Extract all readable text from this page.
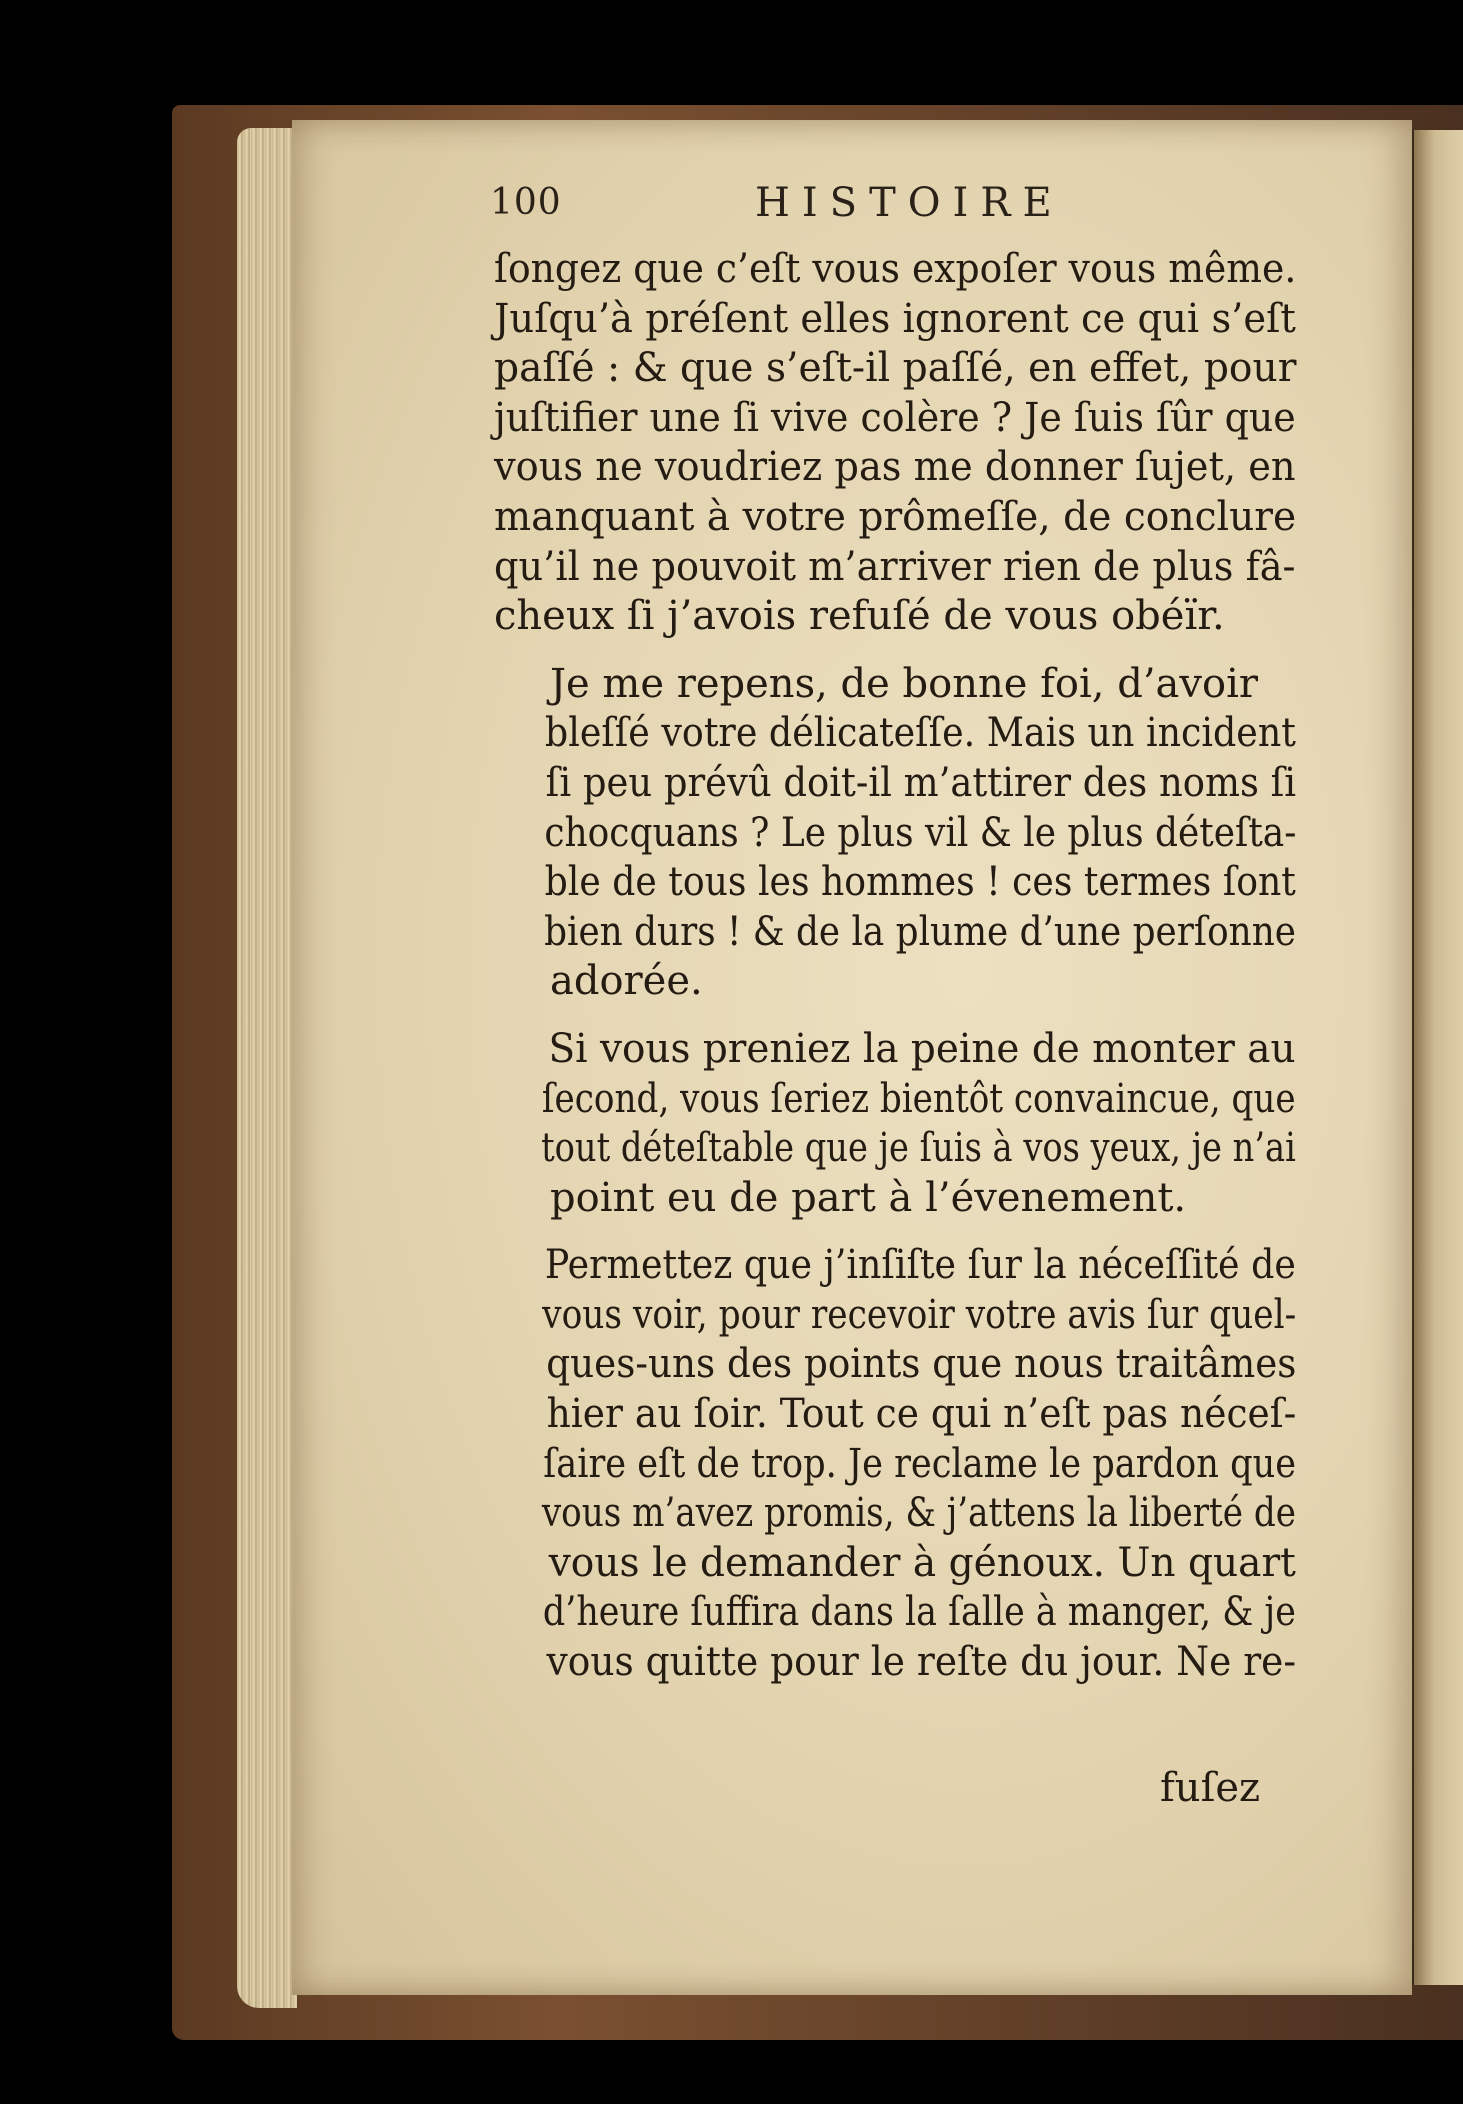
100	HISTOIRE
ſongez que c’eſt vous expoſer vous même.
Juſqu’à préſent elles ignorent ce qui s’eſt
paſſé : & que s’eſt-il paſſé, en effet, pour
juſtifier une ſi vive colère ? Je ſuis ſûr que
vous ne voudriez pas me donner ſujet, en
manquant à votre prômeſſe, de conclure
qu’il ne pouvoit m’arriver rien de plus fâ-
cheux ſi j’avois refuſé de vous obéïr.
Je me repens, de bonne foi, d’avoir
bleſſé votre délicateſſe. Mais un incident
ſi peu prévû doit-il m’attirer des noms ſi
chocquans ? Le plus vil & le plus déteſta-
ble de tous les hommes ! ces termes ſont
bien durs ! & de la plume d’une perſonne
adorée.
Si vous preniez la peine de monter au
ſecond, vous ſeriez bientôt convaincue, que
tout déteſtable que je ſuis à vos yeux, je n’ai
point eu de part à l’évenement.
Permettez que j’inſiſte ſur la néceſſité de
vous voir, pour recevoir votre avis ſur quel-
ques-uns des points que nous traitâmes
hier au ſoir. Tout ce qui n’eſt pas néceſ-
ſaire eſt de trop. Je reclame le pardon que
vous m’avez promis, & j’attens la liberté de
vous le demander à génoux. Un quart
d’heure ſuffira dans la ſalle à manger, & je
vous quitte pour le reſte du jour. Ne re-
fuſez
